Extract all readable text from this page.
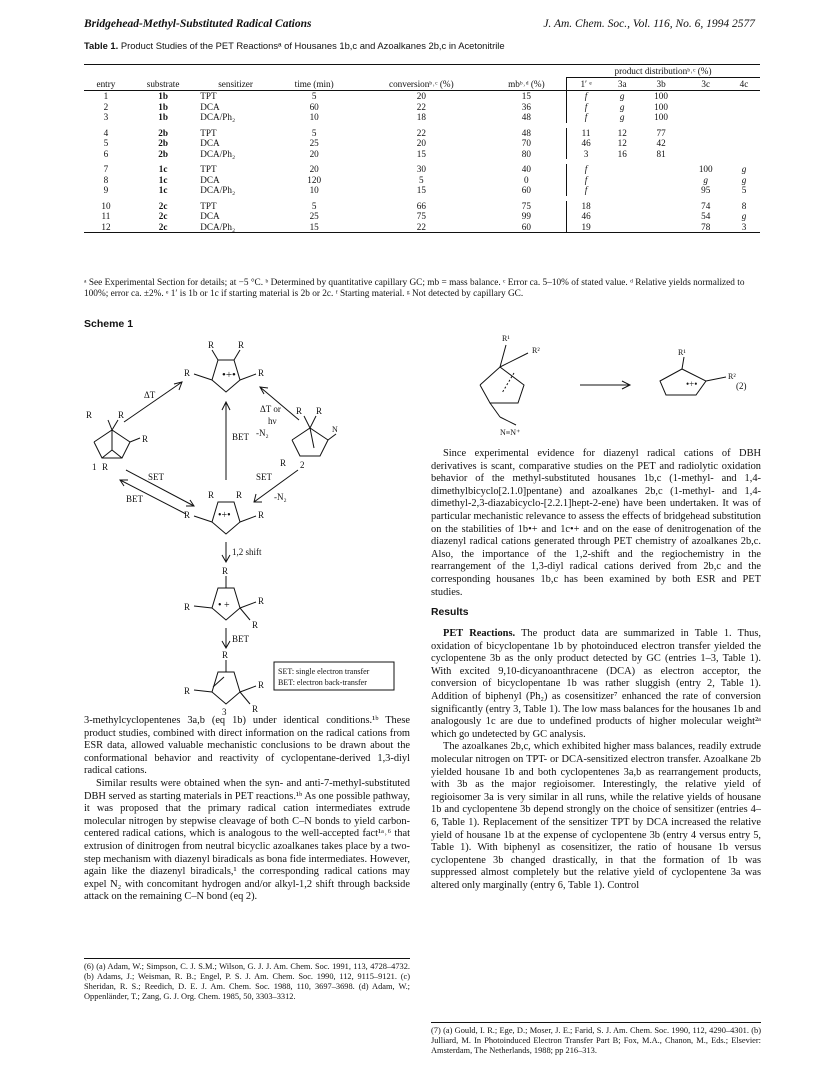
Bridgehead-Methyl-Substituted Radical Cations	J. Am. Chem. Soc., Vol. 116, No. 6, 1994 2577
Table 1. Product Studies of the PET Reactionsᵃ of Housanes 1b,c and Azoalkanes 2b,c in Acetonitrile
						product distributionᵇ˒ᶜ (%)				
entry	substrate	sensitizer	time (min)	conversionᵇ˒ᶜ (%)	mbᵇ˒ᵈ (%)	1′ ᵉ	3a	3b	3c	4c
1	1b	TPT	5	20	15	f	g	100		
2	1b	DCA	60	22	36	f	g	100		
3	1b	DCA/Ph₂	10	18	48	f	g	100		

4	2b	TPT	5	22	48	11	12	77		
5	2b	DCA	25	20	70	46	12	42		
6	2b	DCA/Ph₂	20	15	80	3	16	81		

7	1c	TPT	20	30	40	f			100	g
8	1c	DCA	120	5	0	f			g	g
9	1c	DCA/Ph₂	10	15	60	f			95	5

10	2c	TPT	5	66	75	18			74	8
11	2c	DCA	25	75	99	46			54	g
12	2c	DCA/Ph₂	15	22	60	19			78	3
ᵃ See Experimental Section for details; at −5 °C. ᵇ Determined by quantitative capillary GC; mb = mass balance. ᶜ Error ca. 5–10% of stated value. ᵈ Relative yields normalized to 100%; error ca. ±2%. ᵉ 1′ is 1b or 1c if starting material is 2b or 2c. ᶠ Starting material. ᵍ Not detected by capillary GC.
Scheme 1
R	R
R	R
•+•
ΔT
ΔT or
hν
-N₂
BET
R	R
R
1 R
R R
N
R 2
SET
BET
SET
-N₂
R R
R	R
•+•
1,2 shift
R
R
R
R	• +
BET
R
R
R
R
3
SET: single electron transfer
BET: electron back-transfer
R¹
R²
N≡N⁺
R¹
R²
•+•	(2)

3-methylcyclopentenes 3a,b (eq 1b) under identical conditions.¹ᵇ These product studies, combined with direct information on the radical cations from ESR data, allowed valuable mechanistic conclusions to be drawn about the conformational behavior and reactivity of cyclopentane-derived 1,3-diyl radical cations.

Similar results were obtained when the syn- and anti-7-methyl-substituted DBH served as starting materials in PET reactions.¹ᵇ As one possible pathway, it was proposed that the primary radical cation intermediates extrude molecular nitrogen by stepwise cleavage of both C–N bonds to yield carbon-centered radical cations, which is analogous to the well-accepted fact¹ᵃ˒⁶ that extrusion of dinitrogen from neutral bicyclic azoalkanes takes place by a two-step mechanism with diazenyl biradicals as bona fide intermediates. However, again like the diazenyl biradicals,¹ the corresponding radical cations may expel N₂ with concomitant hydrogen and/or alkyl-1,2 shift through backside attack on the remaining C–N bond (eq 2).

(6) (a) Adam, W.; Simpson, C. J. S.M.; Wilson, G. J. J. Am. Chem. Soc. 1991, 113, 4728–4732. (b) Adams, J.; Weisman, R. B.; Engel, P. S. J. Am. Chem. Soc. 1990, 112, 9115–9121. (c) Sheridan, R. S.; Reedich, D. E. J. Am. Chem. Soc. 1988, 110, 3697–3698. (d) Adam, W.; Oppenländer, T.; Zang, G. J. Org. Chem. 1985, 50, 3303–3312.

Since experimental evidence for diazenyl radical cations of DBH derivatives is scant, comparative studies on the PET and radiolytic oxidation behavior of the methyl-substituted housanes 1b,c (1-methyl- and 1,4-dimethylbicyclo[2.1.0]pentane) and azoalkanes 2b,c (1-methyl- and 1,4-dimethyl-2,3-diazabicyclo-[2.2.1]hept-2-ene) have been undertaken. It was of particular mechanistic relevance to assess the effects of bridgehead substitution on the stabilities of 1b•+ and 1c•+ and on the ease of denitrogenation of the diazenyl radical cations generated through PET chemistry of azoalkanes 2b,c. Also, the importance of the 1,2-shift and the regiochemistry in the rearrangement of the 1,3-diyl radical cations derived from 2b,c and the corresponding housanes 1b,c has been examined by both ESR and PET studies.

Results

PET Reactions. The product data are summarized in Table 1. Thus, oxidation of bicyclopentane 1b by photoinduced electron transfer yielded the cyclopentene 3b as the only product detected by GC (entries 1–3, Table 1). With excited 9,10-dicyanoanthracene (DCA) as electron acceptor, the conversion of bicyclopentane 1b was rather sluggish (entry 2, Table 1). Addition of biphenyl (Ph₂) as cosensitizer⁷ enhanced the rate of conversion significantly (entry 3, Table 1). The low mass balances for the housanes 1b and analogously 1c are due to undefined products of higher molecular weight²ᵃ which go undetected by GC analysis.

The azoalkanes 2b,c, which exhibited higher mass balances, readily extrude molecular nitrogen on TPT- or DCA-sensitized electron transfer. Azoalkane 2b yielded housane 1b and both cyclopentenes 3a,b as rearrangement products, with 3b as the major regioisomer. Interestingly, the relative yield of regioisomer 3a is very similar in all runs, while the relative yields of housane 1b and cyclopentene 3b depend strongly on the choice of sensitizer (entries 4–6, Table 1). Replacement of the sensitizer TPT by DCA increased the relative yield of housane 1b at the expense of cyclopentene 3b (entry 4 versus entry 5, Table 1). With biphenyl as cosensitizer, the ratio of housane 1b versus cyclopentene 3b changed drastically, in that the formation of 1b was suppressed almost completely but the relative yield of cyclopentene 3a was altered only marginally (entry 6, Table 1). Control

(7) (a) Gould, I. R.; Ege, D.; Moser, J. E.; Farid, S. J. Am. Chem. Soc. 1990, 112, 4290–4301. (b) Julliard, M. In Photoinduced Electron Transfer Part B; Fox, M.A., Chanon, M., Eds.; Elsevier: Amsterdam, The Netherlands, 1988; pp 216–313.
